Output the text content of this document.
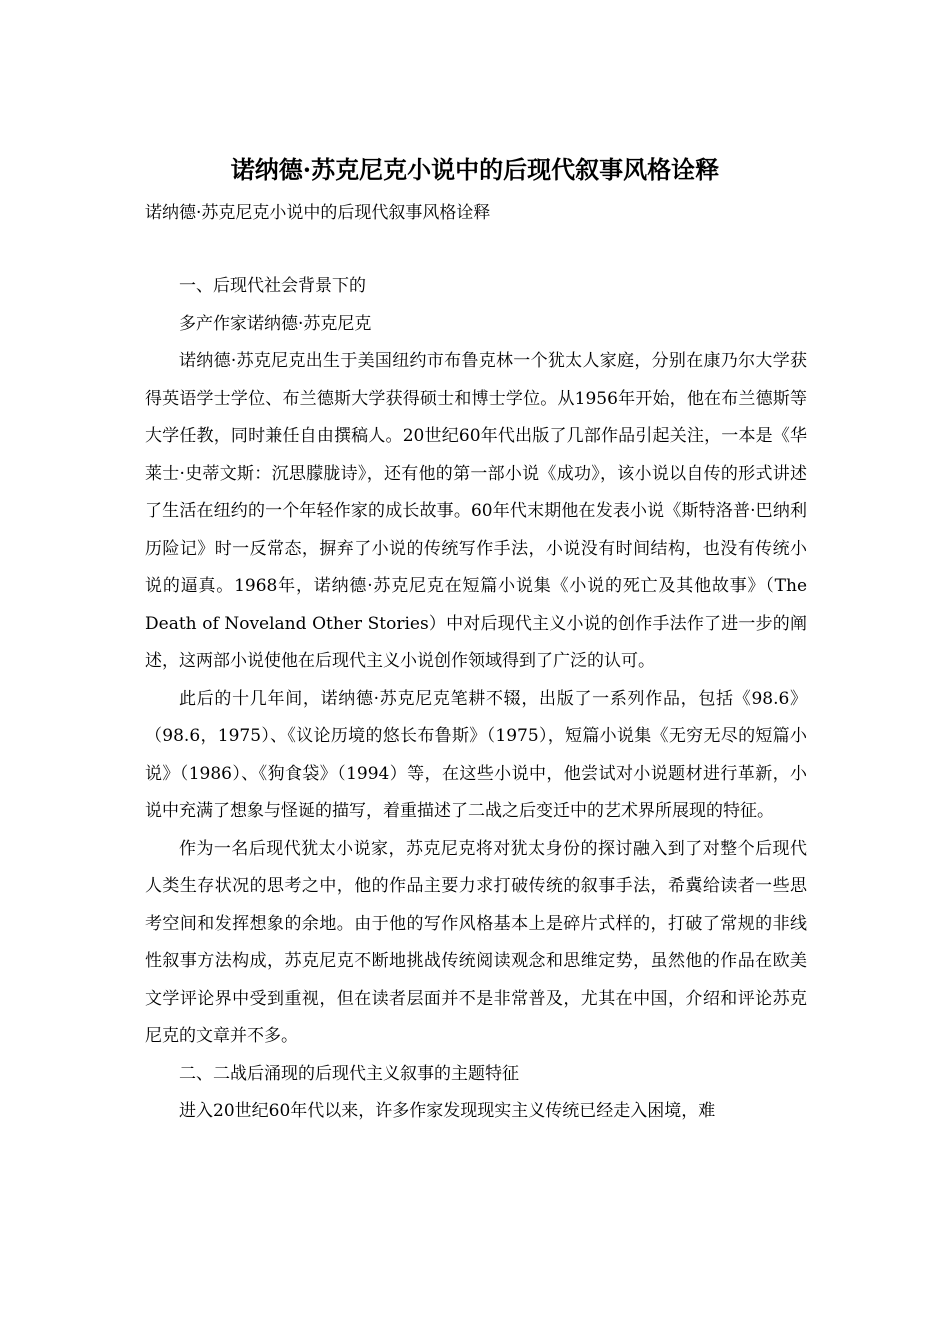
诺纳德·苏克尼克小说中的后现代叙事风格诠释
诺纳德·苏克尼克小说中的后现代叙事风格诠释

一、后现代社会背景下的

多产作家诺纳德·苏克尼克

诺纳德·苏克尼克出生于美国纽约市布鲁克林一个犹太人家庭，分别在康乃尔大学获得英语学士学位、布兰德斯大学获得硕士和博士学位。从1956年开始，他在布兰德斯等大学任教，同时兼任自由撰稿人。20世纪60年代出版了几部作品引起关注，一本是《华莱士·史蒂文斯：沉思朦胧诗》，还有他的第一部小说《成功》，该小说以自传的形式讲述了生活在纽约的一个年轻作家的成长故事。60年代末期他在发表小说《斯特洛普·巴纳利历险记》时一反常态，摒弃了小说的传统写作手法，小说没有时间结构，也没有传统小说的逼真。1968年，诺纳德·苏克尼克在短篇小说集《小说的死亡及其他故事》（The Death of Noveland Other Stories）中对后现代主义小说的创作手法作了进一步的阐述，这两部小说使他在后现代主义小说创作领域得到了广泛的认可。

此后的十几年间，诺纳德·苏克尼克笔耕不辍，出版了一系列作品，包括《98.6》（98.6，1975）、《议论历境的悠长布鲁斯》（1975），短篇小说集《无穷无尽的短篇小说》（1986）、《狗食袋》（1994）等，在这些小说中，他尝试对小说题材进行革新，小说中充满了想象与怪诞的描写，着重描述了二战之后变迁中的艺术界所展现的特征。

作为一名后现代犹太小说家，苏克尼克将对犹太身份的探讨融入到了对整个后现代人类生存状况的思考之中，他的作品主要力求打破传统的叙事手法，希冀给读者一些思考空间和发挥想象的余地。由于他的写作风格基本上是碎片式样的，打破了常规的非线性叙事方法构成，苏克尼克不断地挑战传统阅读观念和思维定势，虽然他的作品在欧美文学评论界中受到重视，但在读者层面并不是非常普及，尤其在中国，介绍和评论苏克尼克的文章并不多。

二、二战后涌现的后现代主义叙事的主题特征

进入20世纪60年代以来，许多作家发现现实主义传统已经走入困境，难
